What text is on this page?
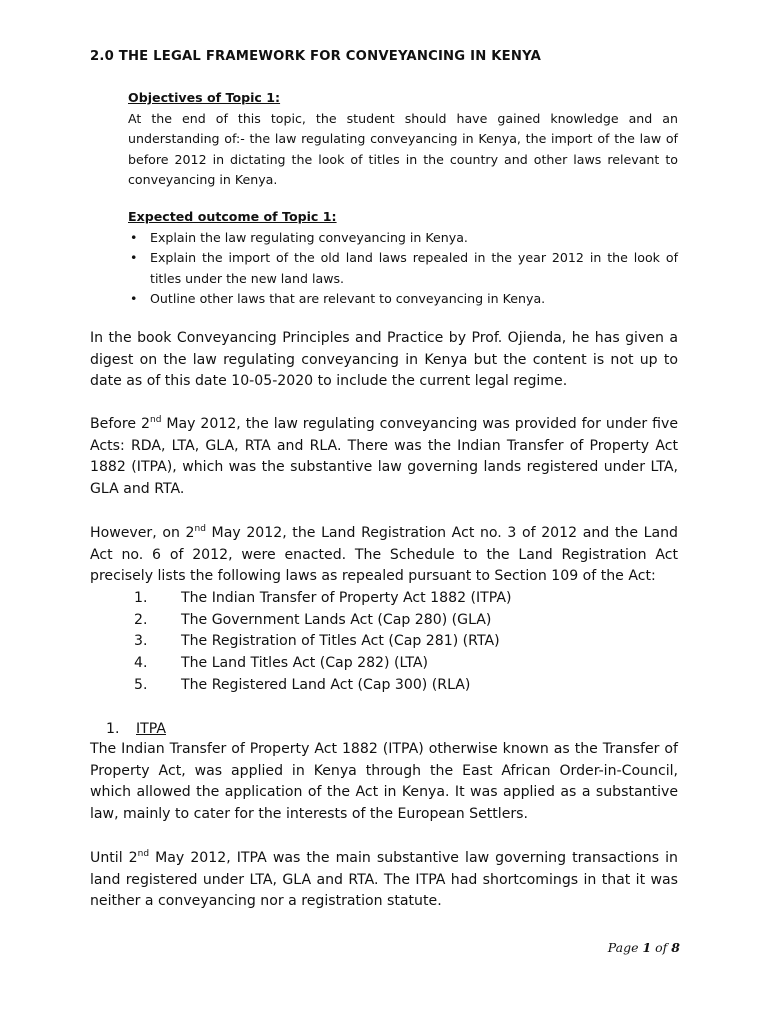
2.0 THE LEGAL FRAMEWORK FOR CONVEYANCING IN KENYA
Objectives of Topic 1:

At the end of this topic, the student should have gained knowledge and an understanding of:- the law regulating conveyancing in Kenya, the import of the law of before 2012 in dictating the look of titles in the country and other laws relevant to conveyancing in Kenya.

Expected outcome of Topic 1:
• Explain the law regulating conveyancing in Kenya.
• Explain the import of the old land laws repealed in the year 2012 in the look of titles under the new land laws.
• Outline other laws that are relevant to conveyancing in Kenya.

In the book Conveyancing Principles and Practice by Prof. Ojienda, he has given a digest on the law regulating conveyancing in Kenya but the content is not up to date as of this date 10-05-2020 to include the current legal regime.

Before 2nd May 2012, the law regulating conveyancing was provided for under five Acts: RDA, LTA, GLA, RTA and RLA. There was the Indian Transfer of Property Act 1882 (ITPA), which was the substantive law governing lands registered under LTA, GLA and RTA.

However, on 2nd May 2012, the Land Registration Act no. 3 of 2012 and the Land Act no. 6 of 2012, were enacted. The Schedule to the Land Registration Act precisely lists the following laws as repealed pursuant to Section 109 of the Act:

1. The Indian Transfer of Property Act 1882 (ITPA)
2. The Government Lands Act (Cap 280) (GLA)
3. The Registration of Titles Act (Cap 281) (RTA)
4. The Land Titles Act (Cap 282) (LTA)
5. The Registered Land Act (Cap 300) (RLA)
1. ITPA

The Indian Transfer of Property Act 1882 (ITPA) otherwise known as the Transfer of Property Act, was applied in Kenya through the East African Order-in-Council, which allowed the application of the Act in Kenya. It was applied as a substantive law, mainly to cater for the interests of the European Settlers.

Until 2nd May 2012, ITPA was the main substantive law governing transactions in land registered under LTA, GLA and RTA. The ITPA had shortcomings in that it was neither a conveyancing nor a registration statute.

Page 1 of 8
